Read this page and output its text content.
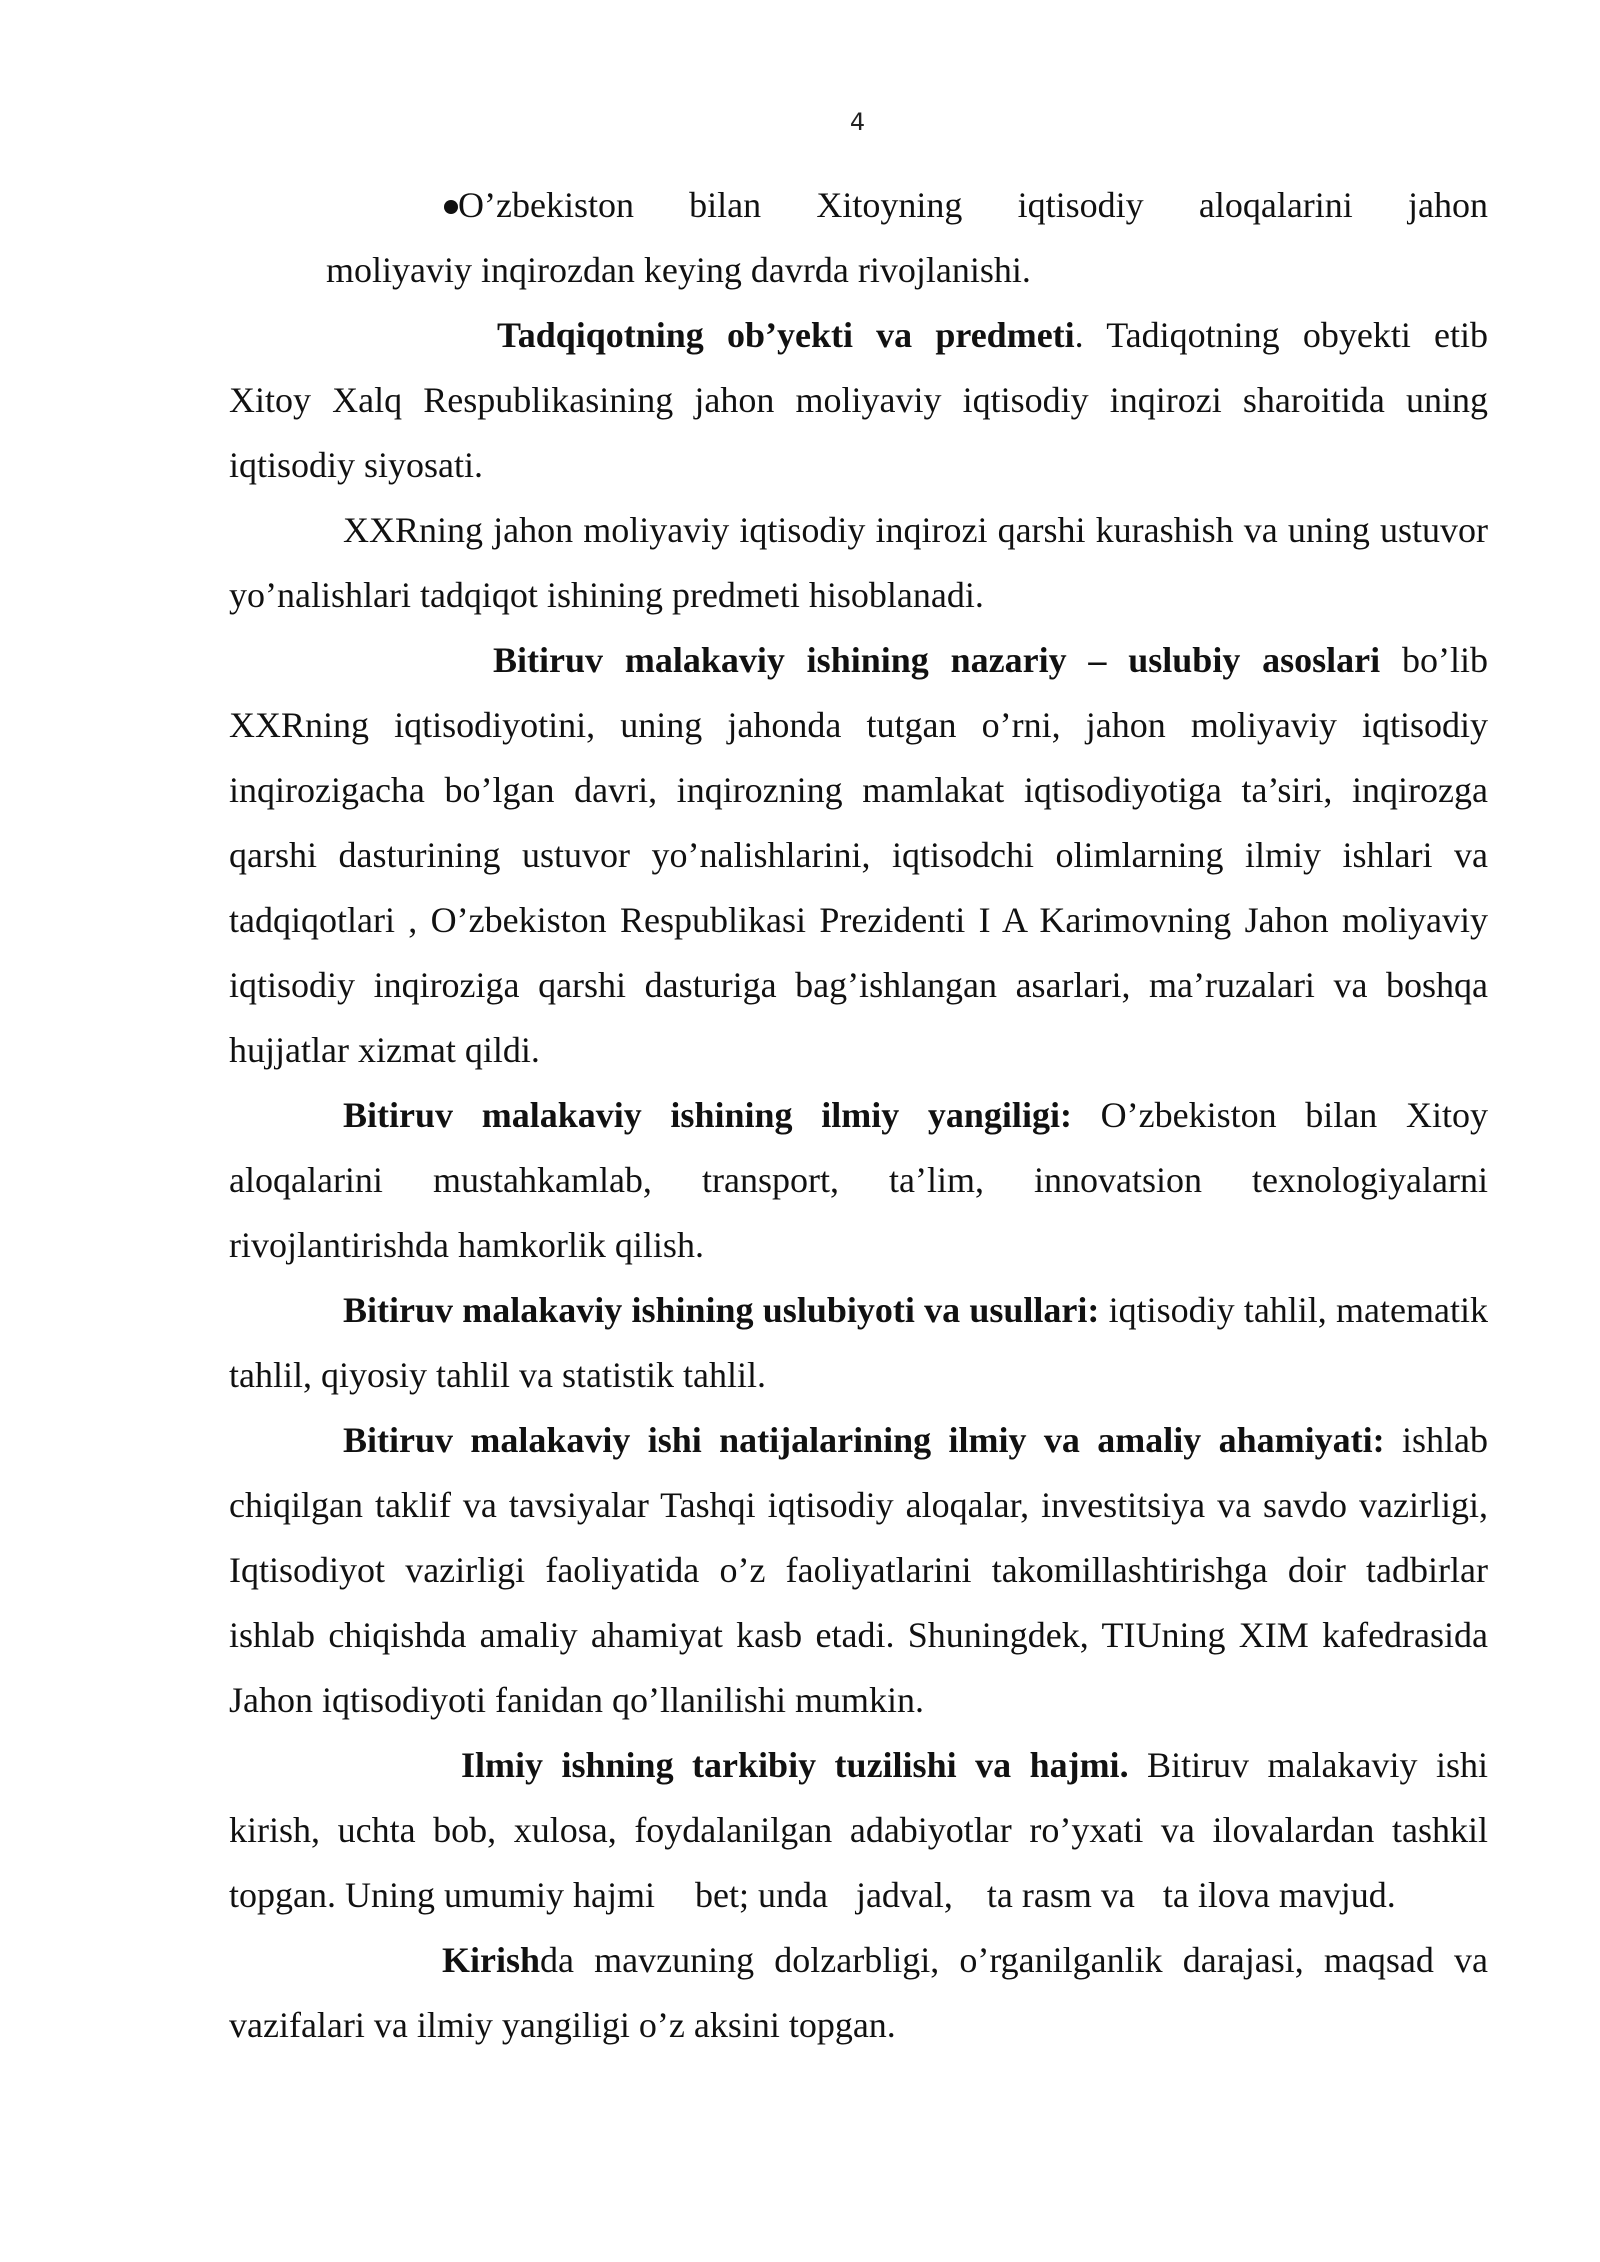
4

O’zbekiston bilan Xitoyning iqtisodiy aloqalarini jahon
moliyaviy inqirozdan keying davrda rivojlanishi.

Tadqiqotning ob’yekti va predmeti. Tadiqotning obyekti etib Xitoy Xalq Respublikasining jahon moliyaviy iqtisodiy inqirozi sharoitida uning iqtisodiy siyosati.

XXRning jahon moliyaviy iqtisodiy inqirozi qarshi kurashish va uning ustuvor yo’nalishlari tadqiqot ishining predmeti hisoblanadi.

Bitiruv malakaviy ishining nazariy – uslubiy asoslari bo’lib XXRning iqtisodiyotini, uning jahonda tutgan o’rni, jahon moliyaviy iqtisodiy inqirozigacha bo’lgan davri, inqirozning mamlakat iqtisodiyotiga ta’siri, inqirozga qarshi dasturining ustuvor yo’nalishlarini, iqtisodchi olimlarning ilmiy ishlari va tadqiqotlari , O’zbekiston Respublikasi Prezidenti I A Karimovning Jahon moliyaviy iqtisodiy inqiroziga qarshi dasturiga bag’ishlangan asarlari, ma’ruzalari va boshqa hujjatlar xizmat qildi.

Bitiruv malakaviy ishining ilmiy yangiligi: O’zbekiston bilan Xitoy aloqalarini mustahkamlab, transport, ta’lim, innovatsion texnologiyalarni rivojlantirishda hamkorlik qilish.

Bitiruv malakaviy ishining uslubiyoti va usullari: iqtisodiy tahlil, matematik tahlil, qiyosiy tahlil va statistik tahlil.

Bitiruv malakaviy ishi natijalarining ilmiy va amaliy ahamiyati: ishlab chiqilgan taklif va tavsiyalar Tashqi iqtisodiy aloqalar, investitsiya va savdo vazirligi, Iqtisodiyot vazirligi faoliyatida o’z faoliyatlarini takomillashtirishga doir tadbirlar ishlab chiqishda amaliy ahamiyat kasb etadi. Shuningdek, TIUning XIM kafedrasida Jahon iqtisodiyoti fanidan qo’llanilishi mumkin.

Ilmiy ishning tarkibiy tuzilishi va hajmi. Bitiruv malakaviy ishi kirish, uchta bob, xulosa, foydalanilgan adabiyotlar ro’yxati va ilovalardan tashkil topgan. Uning umumiy hajmi bet; unda jadval, ta rasm va ta ilova mavjud.

Kirishda mavzuning dolzarbligi, o’rganilganlik darajasi, maqsad va vazifalari va ilmiy yangiligi o’z aksini topgan.
